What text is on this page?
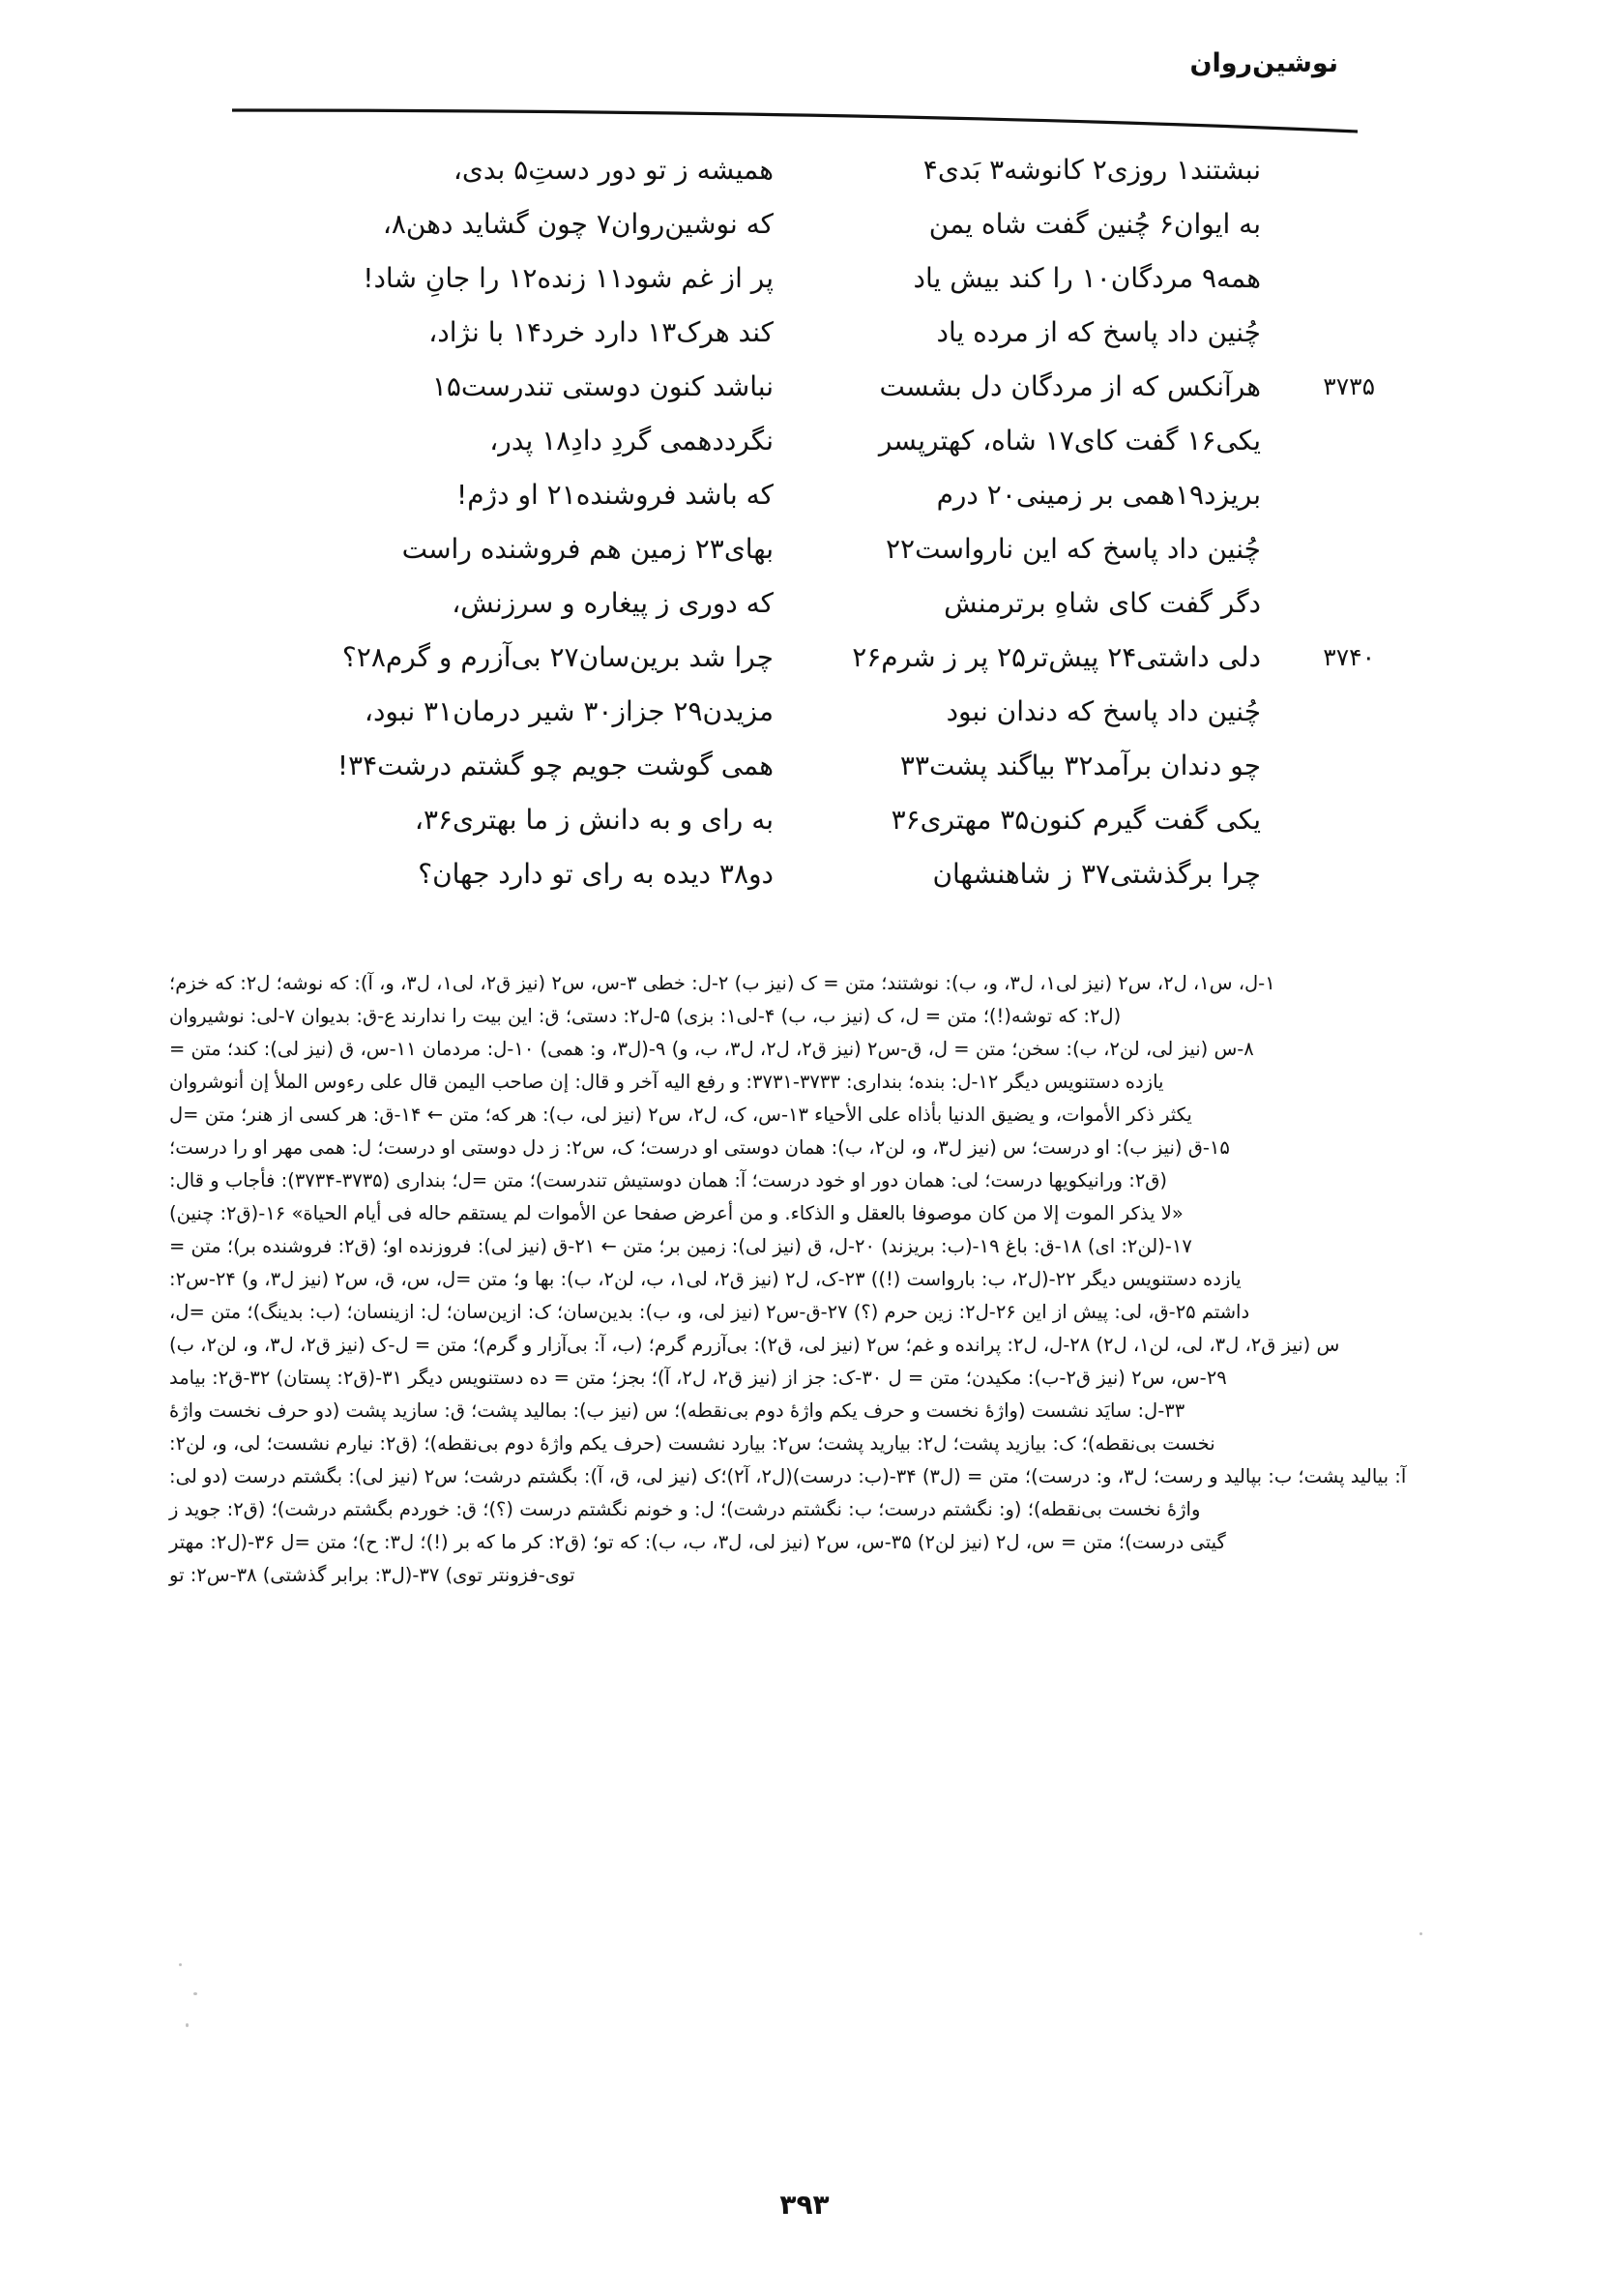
نوشین‌روان
نبشتند۱ روزی۲ کانوشه۳ بَدی۴
به ایوان۶ چُنین گفت شاه یمن
همه۹ مردگان۱۰ را کند بیش یاد
چُنین داد پاسخ که از مرده یاد
۳۷۳۵
هرآنکس که از مردگان دل بشست
یکی۱۶ گفت کای۱۷ شاه، کهتر‌پسر
بریزد۱۹همی بر زمینی۲۰ درم
چُنین داد پاسخ که این ناروا‌ست۲۲
دگر گفت کای شاهِ برترمنش
۳۷۴۰
دلی داشتی۲۴ پیش‌تر۲۵ پر ز شرم۲۶
چُنین داد پاسخ که دندان نبود
چو دندان برآمد۳۲ بیاگند پشت۳۳
یکی گفت گیرم کنون۳۵ مهتری۳۶
چرا برگذشتی۳۷ ز شاهنشهان
همیشه ز تو دور دستِ۵ بدی،
که نوشین‌روان۷ چون گشاید دهن۸،
پر از غم شود۱۱ زنده۱۲ را جانِ شاد!
کند هر‌ک۱۳ دارد خرد۱۴ با نژاد،
نباشد کنون دوستی تندرست۱۵
نگرددهمی گردِ دادِ۱۸ پدر،
که باشد فروشنده۲۱ او دژم!
بهای۲۳ زمین هم فروشنده راست
که دوری ز پیغاره و سرزنش،
چرا شد برین‌سان۲۷ بی‌آزرم و گرم۲۸؟
مزیدن۲۹ جزاز۳۰ شیر درمان۳۱ نبود،
همی گوشت جویم چو گشتم درشت۳۴!
به رای و به دانش ز ما بهتری۳۶،
دو۳۸ دیده به رای تو دارد جهان؟
۱-ل، س۱، ل۲، س۲ (نیز لی۱، ل۳، و، ب): نوشتند؛ متن = ک (نیز ب) ۲-ل: خطی ۳-س، س۲ (نیز ق۲، لی۱، ل۳، و، آ): که نوشه؛ ل۲: که خزم؛
(ل۲: که توشه(!)؛ متن = ل، ک (نیز ب، ب) ۴-لی۱: بزی) ۵-ل۲: دستی؛ ق: این بیت را ندارند ع-ق: بدیوان ۷-لی: نوشیروان
۸-س (نیز لی، لن۲، ب): سخن؛ متن = ل، ق-س۲ (نیز ق۲، ل۲، ل۳، ب، و) ۹-(ل۳، و: همی) ۱۰-ل: مردمان ۱۱-س، ق (نیز لی): کند؛ متن =
یازده دستنویس دیگر ۱۲-ل: بنده؛ بنداری: ۳۷۳۳-۳۷۳۱: و رفع الیه آخر و قال: إن صاحب الیمن قال علی رءوس الملأ إن أنوشروان
یکثر ذکر الأموات، و یضیق الدنیا بأذاه علی الأحیاء ۱۳-س، ک، ل۲، س۲ (نیز لی، ب): هر که؛ متن ← ۱۴-ق: هر کسی از هنر؛ متن =ل
۱۵-ق (نیز ب): او درست؛ س (نیز ل۳، و، لن۲، ب): همان دوستی او درست؛ ک، س۲: ز دل دوستی او درست؛ ل: همی مهر او را درست؛
(ق۲: ورانیکویها درست؛ لی: همان دور او خود درست؛ آ: همان دوستیش تندرست)؛ متن =ل؛ بنداری (۳۷۳۵-۳۷۳۴): فأجاب و قال:
«لا یذکر الموت إلا من کان موصوفا بالعقل و الذکاء. و من أعرض صفحا عن الأموات لم یستقم حاله فی أیام الحیاة» ۱۶-(ق۲: چنین)
۱۷-(لن۲: ای) ۱۸-ق: باغ ۱۹-(ب: بریزند) ۲۰-ل، ق (نیز لی): زمین بر؛ متن ← ۲۱-ق (نیز لی): فروزنده او؛ (ق۲: فروشنده بر)؛ متن =
یازده دستنویس دیگر ۲۲-(ل۲، ب: بارواست (!)) ۲۳-ک، ل۲ (نیز ق۲، لی۱، ب، لن۲، ب): بها و؛ متن =ل، س، ق، س۲ (نیز ل۳، و) ۲۴-س۲:
داشتم ۲۵-ق، لی: پیش از این ۲۶-ل۲: زین حرم (؟) ۲۷-ق-س۲ (نیز لی، و، ب): بدین‌سان؛ ک: از‌ین‌سان؛ ل: ازینسان؛ (ب: بدینگ)؛ متن =ل،
س (نیز ق۲، ل۳، لی، لن۱، ل۲) ۲۸-ل، ل۲: پرانده و غم؛ س۲ (نیز لی، ق۲): بی‌آزرم گرم؛ (ب، آ: بی‌آزار و گرم)؛ متن = ل-ک (نیز ق۲، ل۳، و، لن۲، ب)
۲۹-س، س۲ (نیز ق۲-ب): مکیدن؛ متن = ل ۳۰-ک: جز از (نیز ق۲، ل۲، آ)؛ بجز؛ متن = ده دستنویس دیگر ۳۱-(ق۲: پستان) ۳۲-ق۲: بیامد
۳۳-ل: سایَد نشست (واژهٔ نخست و حرف یکم واژهٔ دوم بی‌نقطه)؛ س (نیز ب): بمالید پشت؛ ق: سازید پشت (دو حرف نخست واژهٔ
نخست بی‌نقطه)؛ ک: بیازید پشت؛ ل۲: بیارید پشت؛ س۲: بیارد نشست (حرف یکم واژهٔ دوم بی‌نقطه)؛ (ق۲: نیارم نشست؛ لی، و، لن۲:
آ: بیالید پشت؛ ب: بپالید و رست؛ ل۳، و: درست)؛ متن = (ل۳) ۳۴-(ب: درست)(ل۲، آ۲)؛ک (نیز لی، ق، آ): بگشتم درشت؛ س۲ (نیز لی): بگشتم درست (دو لی:
واژهٔ نخست بی‌نقطه)؛ (و: نگشتم درست؛ ب: نگشتم درشت)؛ ل: و خونم نگشتم درست (؟)؛ ق: خوردم بگشتم درشت)؛ (ق۲: جوید ز
گیتی درست)؛ متن = س، ل۲ (نیز لن۲) ۳۵-س، س۲ (نیز لی، ل۳، ب، ب): که تو؛ (ق۲: کر ما که بر (!)؛ ل۳: ح)؛ متن =ل ۳۶-(ل۲: مهتر
توی-فزونتر توی) ۳۷-(ل۳: برابر گذشتی) ۳۸-س۲: تو
۳۹۳
